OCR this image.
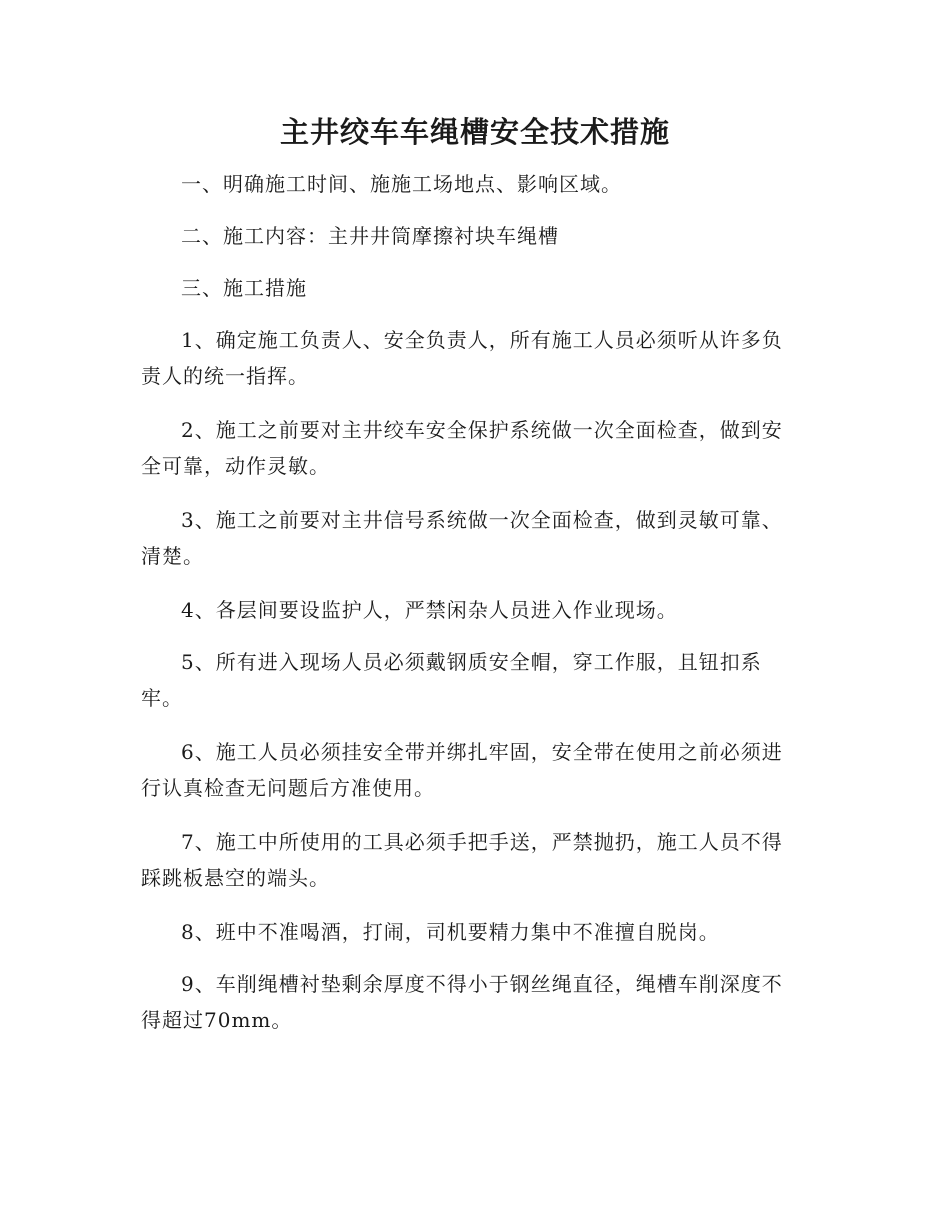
主井绞车车绳槽安全技术措施

一、明确施工时间、施施工场地点、影响区域。

二、施工内容：主井井筒摩擦衬块车绳槽

三、施工措施

1、确定施工负责人、安全负责人，所有施工人员必须听从许多负
责人的统一指挥。

2、施工之前要对主井绞车安全保护系统做一次全面检查，做到安
全可靠，动作灵敏。

3、施工之前要对主井信号系统做一次全面检查，做到灵敏可靠、
清楚。

4、各层间要设监护人，严禁闲杂人员进入作业现场。

5、所有进入现场人员必须戴钢质安全帽，穿工作服，且钮扣系
牢。

6、施工人员必须挂安全带并绑扎牢固，安全带在使用之前必须进
行认真检查无问题后方准使用。

7、施工中所使用的工具必须手把手送，严禁抛扔，施工人员不得
踩跳板悬空的端头。

8、班中不准喝酒，打闹，司机要精力集中不准擅自脱岗。

9、车削绳槽衬垫剩余厚度不得小于钢丝绳直径，绳槽车削深度不
得超过70mm。
